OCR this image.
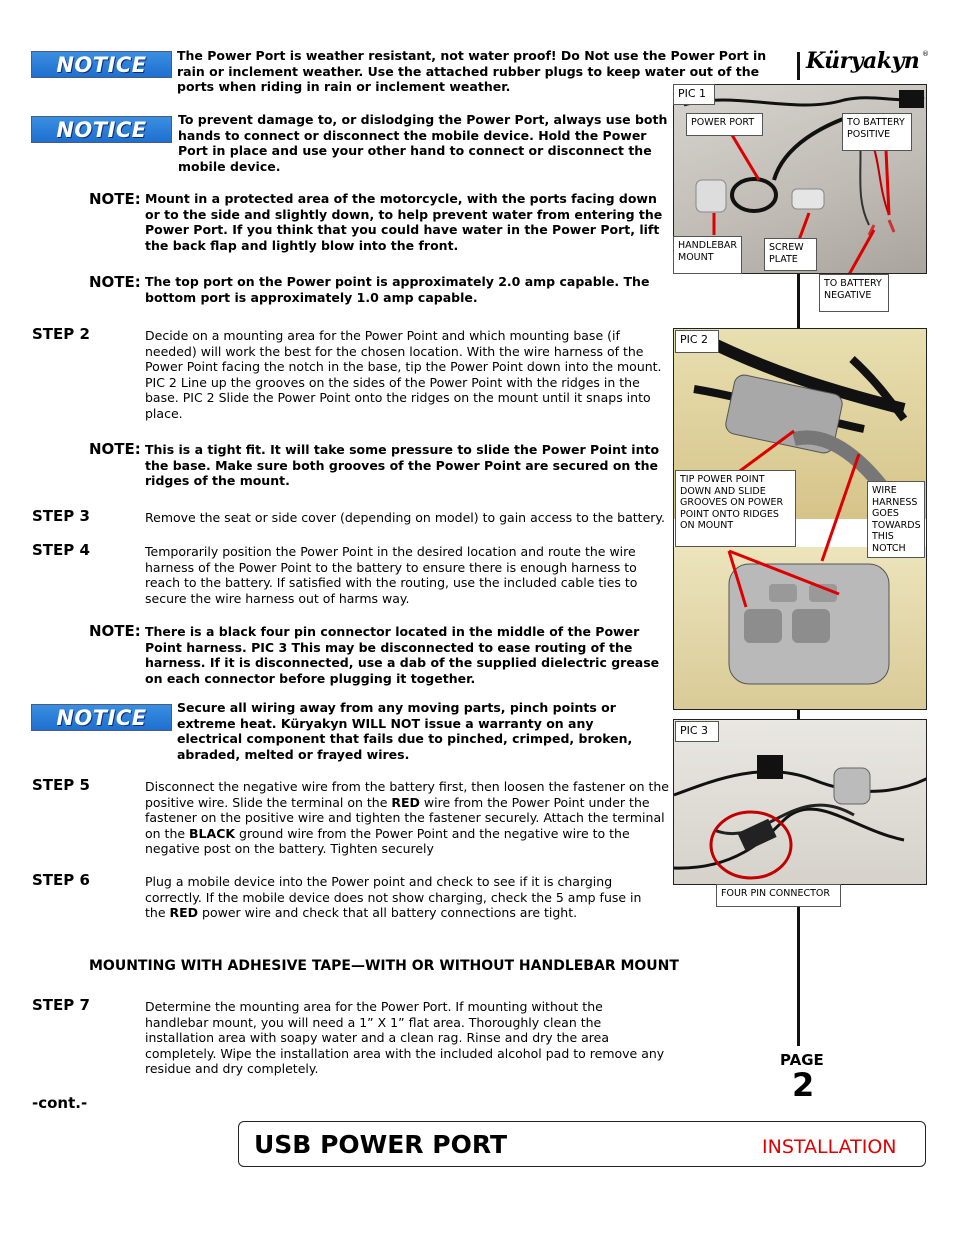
NOTICE The Power Port is weather resistant, not water proof! Do Not use the Power Port in rain or inclement weather. Use the attached rubber plugs to keep water out of the ports when riding in rain or inclement weather.
NOTICE	To prevent damage to, or dislodging the Power Port, always use both hands to connect or disconnect the mobile device. Hold the Power Port in place and use your other hand to connect or disconnect the mobile device.
NOTE: Mount in a protected area of the motorcycle, with the ports facing down or to the side and slightly down, to help prevent water from entering the Power Port. If you think that you could have water in the Power Port, lift the back flap and lightly blow into the front.
NOTE: The top port on the Power point is approximately 2.0 amp capable. The bottom port is approximately 1.0 amp capable.
STEP 2	Decide on a mounting area for the Power Point and which mounting base (if needed) will work the best for the chosen location. With the wire harness of the Power Point facing the notch in the base, tip the Power Point down into the mount. PIC 2 Line up the grooves on the sides of the Power Point with the ridges in the base. PIC 2 Slide the Power Point onto the ridges on the mount until it snaps into place.
NOTE: This is a tight fit. It will take some pressure to slide the Power Point into the base. Make sure both grooves of the Power Point are secured on the ridges of the mount.
STEP 3	Remove the seat or side cover (depending on model) to gain access to the battery.
STEP 4	Temporarily position the Power Point in the desired location and route the wire harness of the Power Point to the battery to ensure there is enough harness to reach to the battery. If satisfied with the routing, use the included cable ties to secure the wire harness out of harms way.
NOTE: There is a black four pin connector located in the middle of the Power Point harness. PIC 3 This may be disconnected to ease routing of the harness. If it is disconnected, use a dab of the supplied dielectric grease on each connector before plugging it together.
NOTICE Secure all wiring away from any moving parts, pinch points or extreme heat. Küryakyn WILL NOT issue a warranty on any electrical component that fails due to pinched, crimped, broken, abraded, melted or frayed wires.
STEP 5	Disconnect the negative wire from the battery first, then loosen the fastener on the positive wire. Slide the terminal on the RED wire from the Power Point under the fastener on the positive wire and tighten the fastener securely. Attach the terminal on the BLACK ground wire from the Power Point and the negative wire to the negative post on the battery. Tighten securely
STEP 6	Plug a mobile device into the Power point and check to see if it is charging correctly. If the mobile device does not show charging, check the 5 amp fuse in the RED power wire and check that all battery connections are tight.
MOUNTING WITH ADHESIVE TAPE—WITH OR WITHOUT HANDLEBAR MOUNT
STEP 7	Determine the mounting area for the Power Port. If mounting without the handlebar mount, you will need a 1” X 1” flat area. Thoroughly clean the installation area with soapy water and a clean rag. Rinse and dry the area completely. Wipe the installation area with the included alcohol pad to remove any residue and dry completely.
-cont.-
Küryakyn ®
PIC 1
POWER PORT	TO BATTERY POSITIVE
HANDLEBAR MOUNT
SCREW PLATE
TO BATTERY NEGATIVE
PIC 2
TIP POWER POINT DOWN AND SLIDE GROOVES ON POWER POINT ONTO RIDGES ON MOUNT
WIRE HARNESS GOES TOWARDS THIS NOTCH
PIC 3
FOUR PIN CONNECTOR
PAGE
2
USB POWER PORT	INSTALLATION
